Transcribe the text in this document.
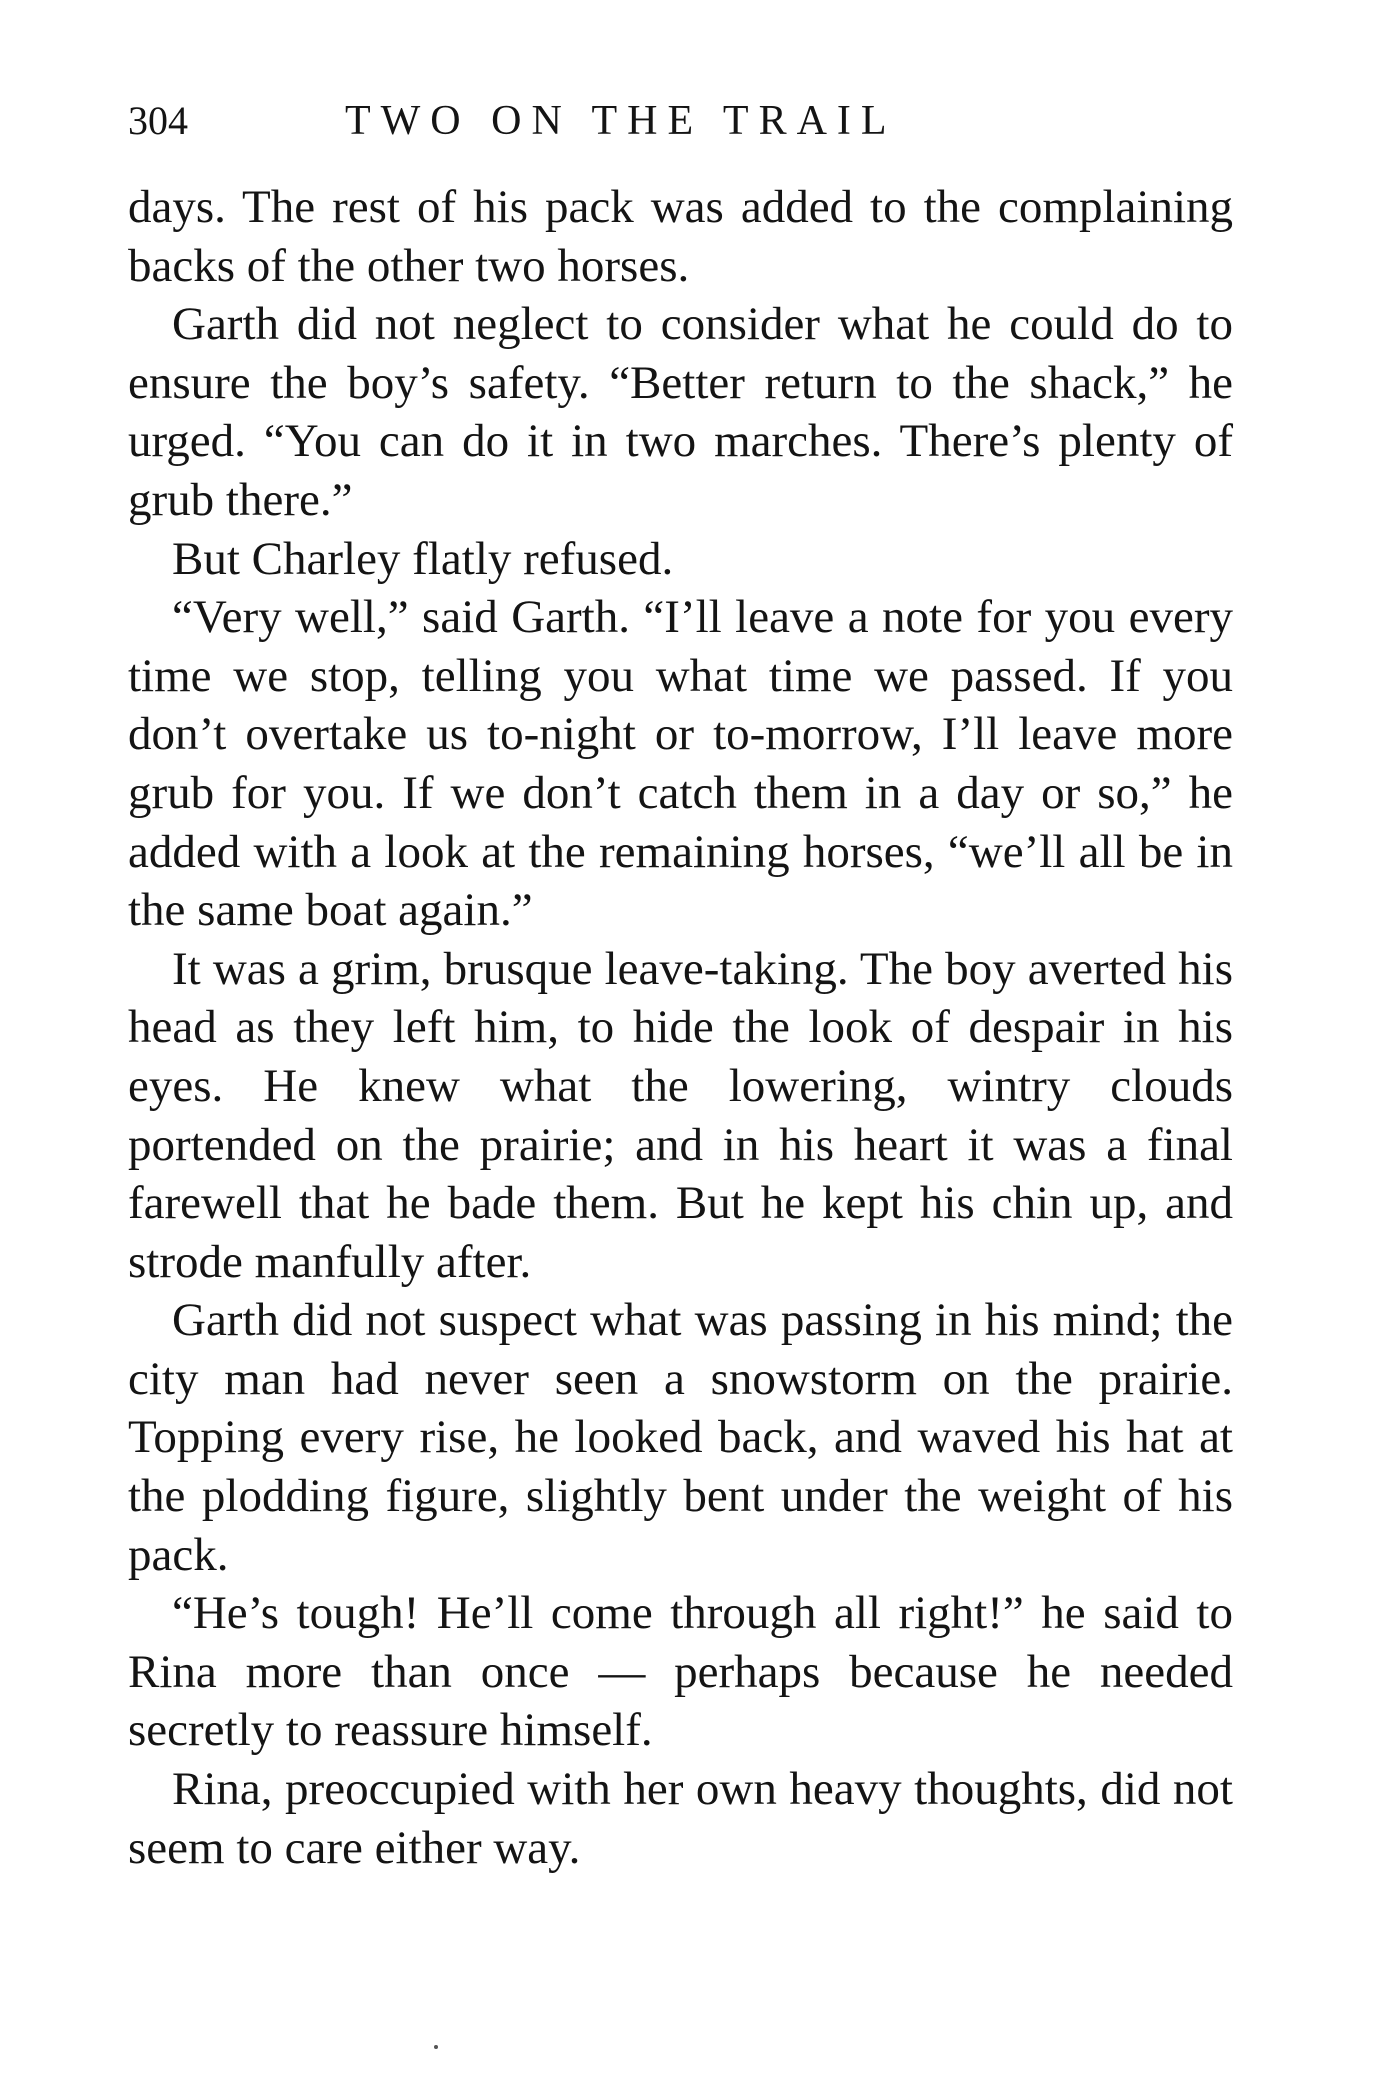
304	TWO ON THE TRAIL

days. The rest of his pack was added to the complaining backs of the other two horses.

Garth did not neglect to consider what he could do to ensure the boy’s safety. “Better return to the shack,” he urged. “You can do it in two marches. There’s plenty of grub there.”

But Charley flatly refused.

“Very well,” said Garth. “I’ll leave a note for you every time we stop, telling you what time we passed. If you don’t overtake us to-night or to-morrow, I’ll leave more grub for you. If we don’t catch them in a day or so,” he added with a look at the remaining horses, “we’ll all be in the same boat again.”

It was a grim, brusque leave-taking. The boy averted his head as they left him, to hide the look of despair in his eyes. He knew what the lowering, wintry clouds portended on the prairie; and in his heart it was a final farewell that he bade them. But he kept his chin up, and strode manfully after.

Garth did not suspect what was passing in his mind; the city man had never seen a snowstorm on the prairie. Topping every rise, he looked back, and waved his hat at the plodding figure, slightly bent under the weight of his pack.

“He’s tough! He’ll come through all right!” he said to Rina more than once — perhaps because he needed secretly to reassure himself.

Rina, preoccupied with her own heavy thoughts, did not seem to care either way.
